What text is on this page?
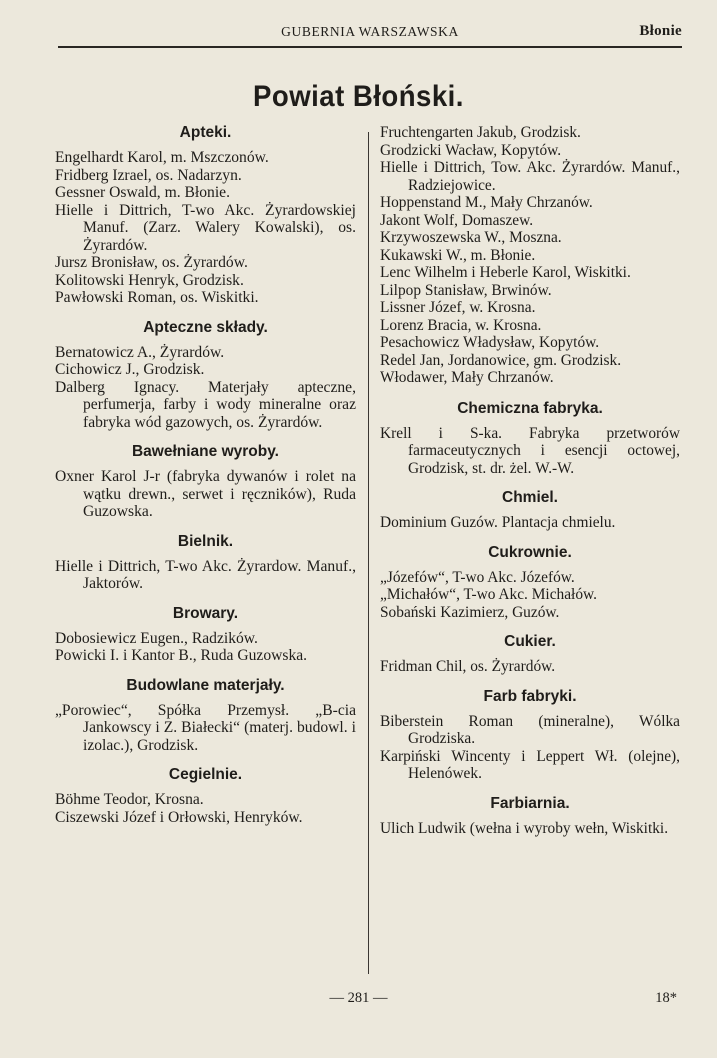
GUBERNIA WARSZAWSKA	Błonie
Powiat Błoński.
Apteki.
Engelhardt Karol, m. Mszczonów.
Fridberg Izrael, os. Nadarzyn.
Gessner Oswald, m. Błonie.
Hielle i Dittrich, T-wo Akc. Żyrardowskiej Manuf. (Zarz. Walery Kowalski), os. Żyrardów.
Jursz Bronisław, os. Żyrardów.
Kolitowski Henryk, Grodzisk.
Pawłowski Roman, os. Wiskitki.
Apteczne składy.
Bernatowicz A., Żyrardów.
Cichowicz J., Grodzisk.
Dalberg Ignacy. Materjały apteczne, perfumerja, farby i wody mineralne oraz fabryka wód gazowych, os. Żyrardów.
Bawełniane wyroby.
Oxner Karol J-r (fabryka dywanów i rolet na wątku drewn., serwet i ręczników), Ruda Guzowska.
Bielnik.
Hielle i Dittrich, T-wo Akc. Żyrardow. Manuf., Jaktorów.
Browary.
Dobosiewicz Eugen., Radzików.
Powicki I. i Kantor B., Ruda Guzowska.
Budowlane materjały.
„Porowiec“, Spółka Przemysł. „B-cia Jankowscy i Z. Białecki“ (materj. budowl. i izolac.), Grodzisk.
Cegielnie.
Böhme Teodor, Krosna.
Ciszewski Józef i Orłowski, Henryków.
Fruchtengarten Jakub, Grodzisk.
Grodzicki Wacław, Kopytów.
Hielle i Dittrich, Tow. Akc. Żyrardów. Manuf., Radziejowice.
Hoppenstand M., Mały Chrzanów.
Jakont Wolf, Domaszew.
Krzywoszewska W., Moszna.
Kukawski W., m. Błonie.
Lenc Wilhelm i Heberle Karol, Wiskitki.
Lilpop Stanisław, Brwinów.
Lissner Józef, w. Krosna.
Lorenz Bracia, w. Krosna.
Pesachowicz Władysław, Kopytów.
Redel Jan, Jordanowice, gm. Grodzisk.
Włodawer, Mały Chrzanów.
Chemiczna fabryka.
Krell i S-ka. Fabryka przetworów farmaceutycznych i esencji octowej, Grodzisk, st. dr. żel. W.-W.
Chmiel.
Dominium Guzów. Plantacja chmielu.
Cukrownie.
„Józefów“, T-wo Akc. Józefów.
„Michałów“, T-wo Akc. Michałów.
Sobański Kazimierz, Guzów.
Cukier.
Fridman Chil, os. Żyrardów.
Farb fabryki.
Biberstein Roman (mineralne), Wólka Grodziska.
Karpiński Wincenty i Leppert Wł. (olejne), Helenówek.
Farbiarnia.
Ulich Ludwik (wełna i wyroby wełn, Wiskitki.
— 281 —	18*
